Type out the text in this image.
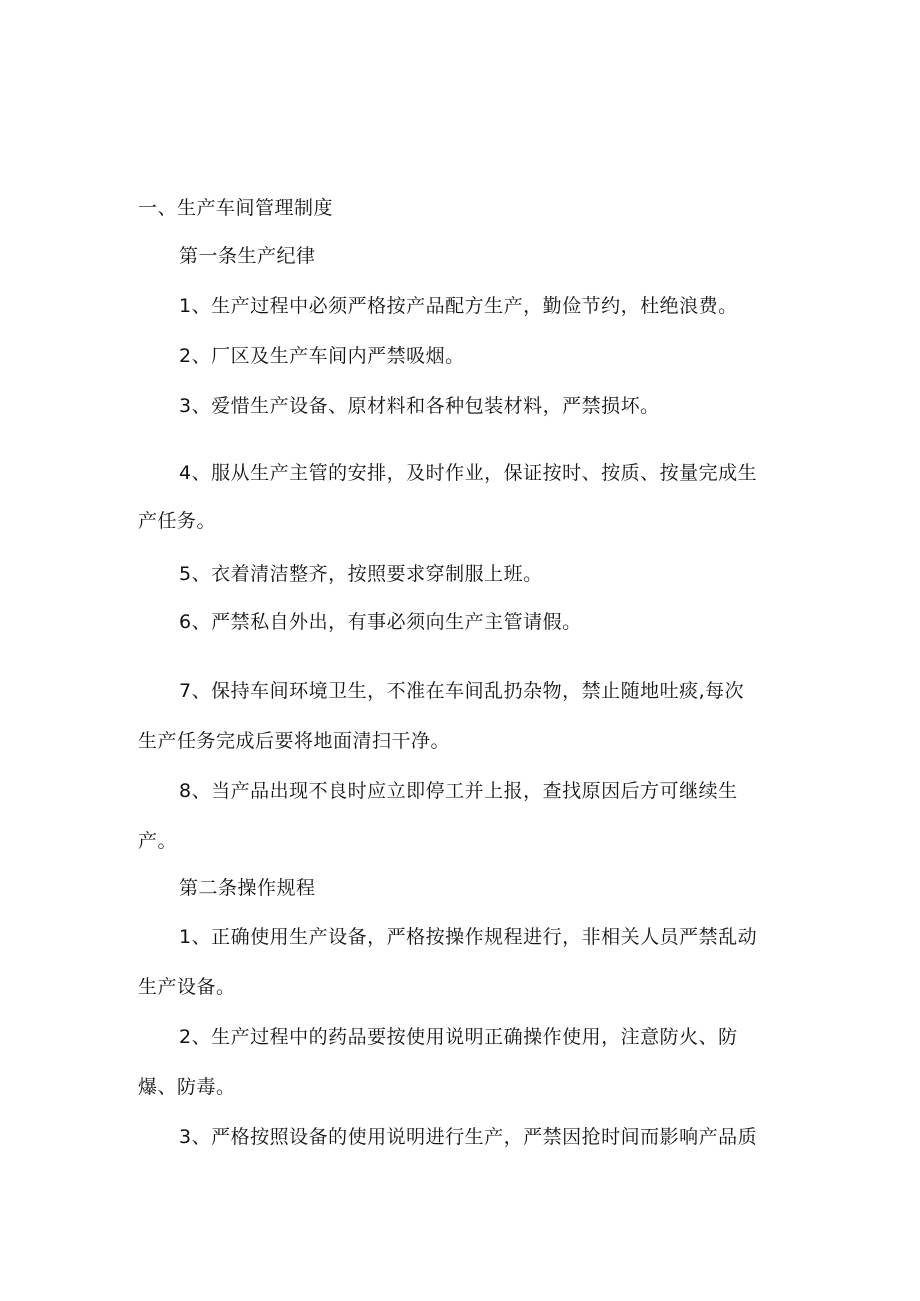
一、生产车间管理制度
第一条生产纪律
1、生产过程中必须严格按产品配方生产，勤俭节约，杜绝浪费。
2、厂区及生产车间内严禁吸烟。
3、爱惜生产设备、原材料和各种包装材料，严禁损坏。
4、服从生产主管的安排，及时作业，保证按时、按质、按量完成生
产任务。
5、衣着清洁整齐，按照要求穿制服上班。
6、严禁私自外出，有事必须向生产主管请假。
7、保持车间环境卫生，不准在车间乱扔杂物，禁止随地吐痰,每次
生产任务完成后要将地面清扫干净。
8、当产品出现不良时应立即停工并上报，查找原因后方可继续生
产。
第二条操作规程
1、正确使用生产设备，严格按操作规程进行，非相关人员严禁乱动
生产设备。
2、生产过程中的药品要按使用说明正确操作使用，注意防火、防
爆、防毒。
3、严格按照设备的使用说明进行生产，严禁因抢时间而影响产品质
